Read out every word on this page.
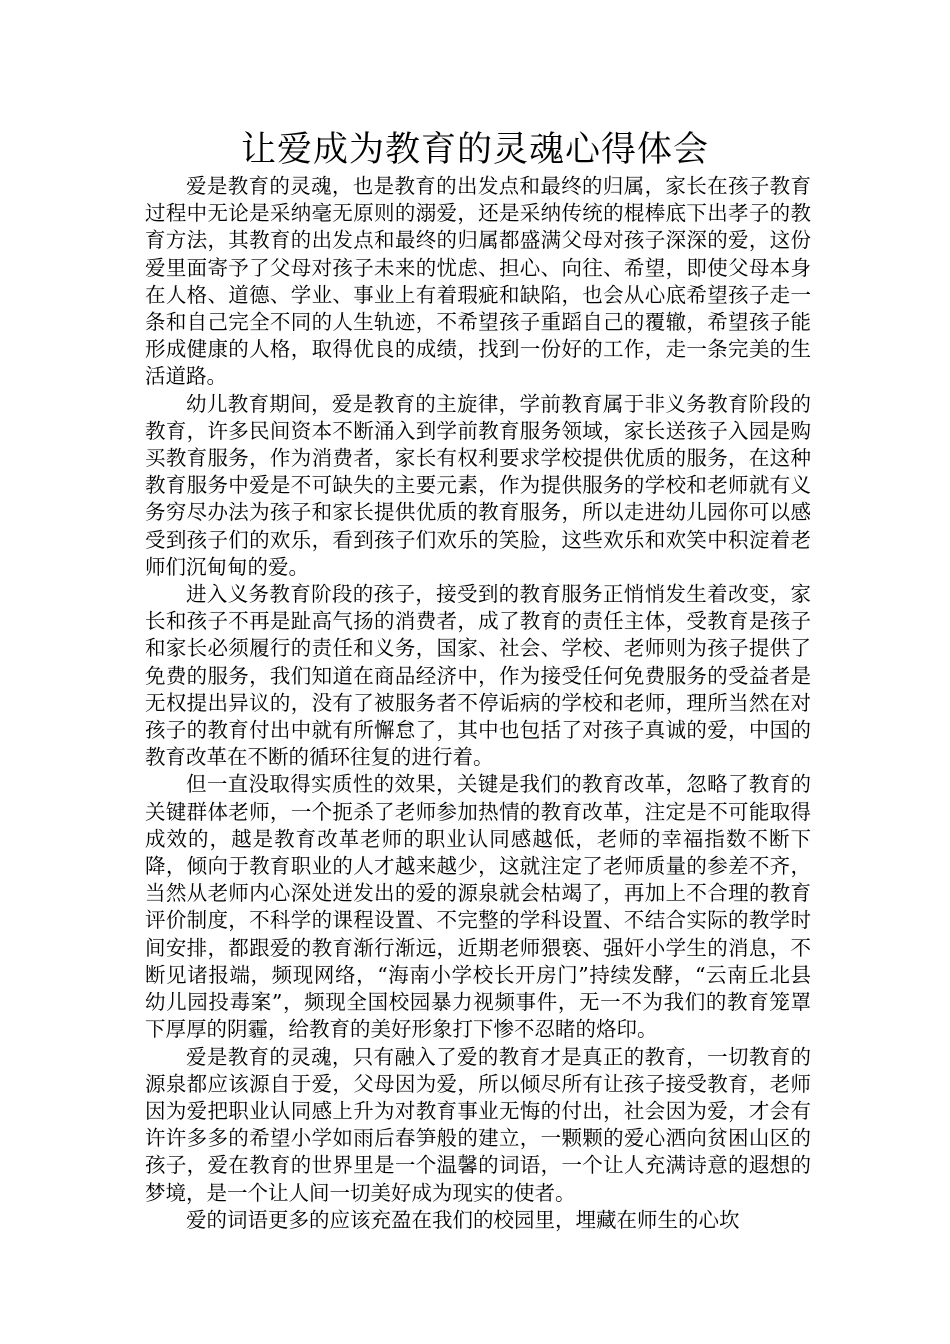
让爱成为教育的灵魂心得体会

爱是教育的灵魂，也是教育的出发点和最终的归属，家长在孩子教育过程中无论是采纳毫无原则的溺爱，还是采纳传统的棍棒底下出孝子的教育方法，其教育的出发点和最终的归属都盛满父母对孩子深深的爱，这份爱里面寄予了父母对孩子未来的忧虑、担心、向往、希望，即使父母本身在人格、道德、学业、事业上有着瑕疵和缺陷，也会从心底希望孩子走一条和自己完全不同的人生轨迹，不希望孩子重蹈自己的覆辙，希望孩子能形成健康的人格，取得优良的成绩，找到一份好的工作，走一条完美的生活道路。

幼儿教育期间，爱是教育的主旋律，学前教育属于非义务教育阶段的教育，许多民间资本不断涌入到学前教育服务领域，家长送孩子入园是购买教育服务，作为消费者，家长有权利要求学校提供优质的服务，在这种教育服务中爱是不可缺失的主要元素，作为提供服务的学校和老师就有义务穷尽办法为孩子和家长提供优质的教育服务，所以走进幼儿园你可以感受到孩子们的欢乐，看到孩子们欢乐的笑脸，这些欢乐和欢笑中积淀着老师们沉甸甸的爱。

进入义务教育阶段的孩子，接受到的教育服务正悄悄发生着改变，家长和孩子不再是趾高气扬的消费者，成了教育的责任主体，受教育是孩子和家长必须履行的责任和义务，国家、社会、学校、老师则为孩子提供了免费的服务，我们知道在商品经济中，作为接受任何免费服务的受益者是无权提出异议的，没有了被服务者不停诟病的学校和老师，理所当然在对孩子的教育付出中就有所懈怠了，其中也包括了对孩子真诚的爱，中国的教育改革在不断的循环往复的进行着。

但一直没取得实质性的效果，关键是我们的教育改革，忽略了教育的关键群体老师，一个扼杀了老师参加热情的教育改革，注定是不可能取得成效的，越是教育改革老师的职业认同感越低，老师的幸福指数不断下降，倾向于教育职业的人才越来越少，这就注定了老师质量的参差不齐，当然从老师内心深处迸发出的爱的源泉就会枯竭了，再加上不合理的教育评价制度，不科学的课程设置、不完整的学科设置、不结合实际的教学时间安排，都跟爱的教育渐行渐远，近期老师猥亵、强奸小学生的消息，不断见诸报端，频现网络，“海南小学校长开房门”持续发酵，“云南丘北县幼儿园投毒案”，频现全国校园暴力视频事件，无一不为我们的教育笼罩下厚厚的阴霾，给教育的美好形象打下惨不忍睹的烙印。

爱是教育的灵魂，只有融入了爱的教育才是真正的教育，一切教育的源泉都应该源自于爱，父母因为爱，所以倾尽所有让孩子接受教育，老师因为爱把职业认同感上升为对教育事业无悔的付出，社会因为爱，才会有许许多多的希望小学如雨后春笋般的建立，一颗颗的爱心洒向贫困山区的孩子，爱在教育的世界里是一个温馨的词语，一个让人充满诗意的遐想的梦境，是一个让人间一切美好成为现实的使者。

爱的词语更多的应该充盈在我们的校园里，埋藏在师生的心坎
